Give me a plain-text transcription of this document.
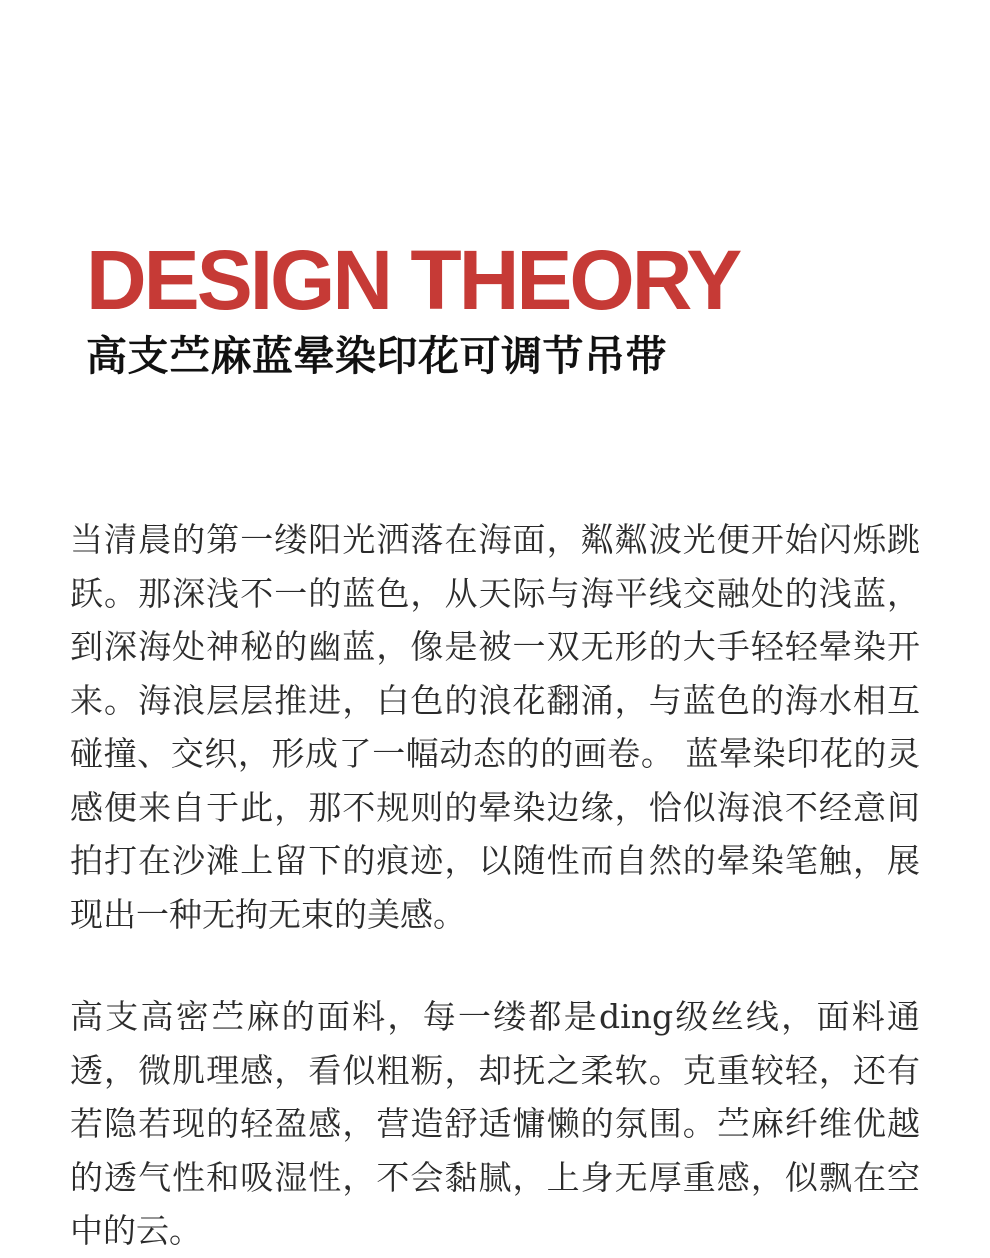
DESIGN THEORY
高支苎麻蓝晕染印花可调节吊带

当清晨的第一缕阳光洒落在海面，粼粼波光便开始闪烁跳跃。那深浅不一的蓝色，从天际与海平线交融处的浅蓝，到深海处神秘的幽蓝，像是被一双无形的大手轻轻晕染开来。海浪层层推进，白色的浪花翻涌，与蓝色的海水相互碰撞、交织，形成了一幅动态的的画卷。 蓝晕染印花的灵感便来自于此，那不规则的晕染边缘，恰似海浪不经意间拍打在沙滩上留下的痕迹，以随性而自然的晕染笔触，展现出一种无拘无束的美感。

高支高密苎麻的面料，每一缕都是ding级丝线，面料通透，微肌理感，看似粗粝，却抚之柔软。克重较轻，还有若隐若现的轻盈感，营造舒适慵懒的氛围。苎麻纤维优越的透气性和吸湿性，不会黏腻，上身无厚重感，似飘在空中的云。
